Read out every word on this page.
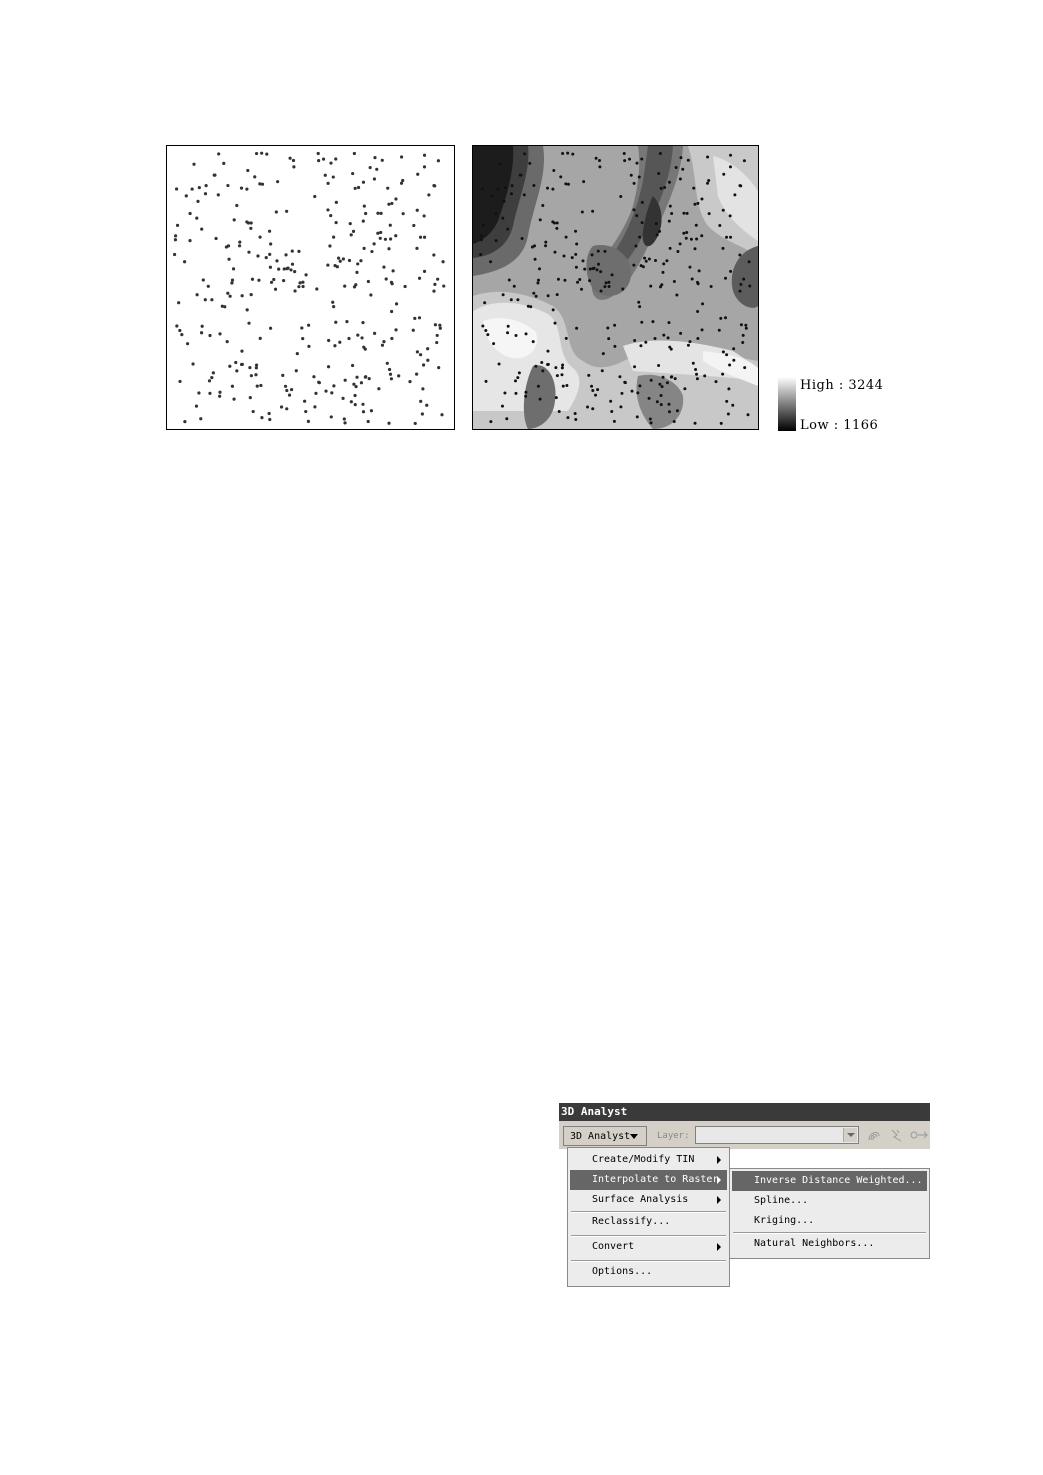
High : 3244
Low : 1166
3D Analyst
3D Analyst	Layer:
Create/Modify TIN
Interpolate to Raster
Surface Analysis
Reclassify...
Convert
Options...
Inverse Distance Weighted...
Spline...
Kriging...
Natural Neighbors...
